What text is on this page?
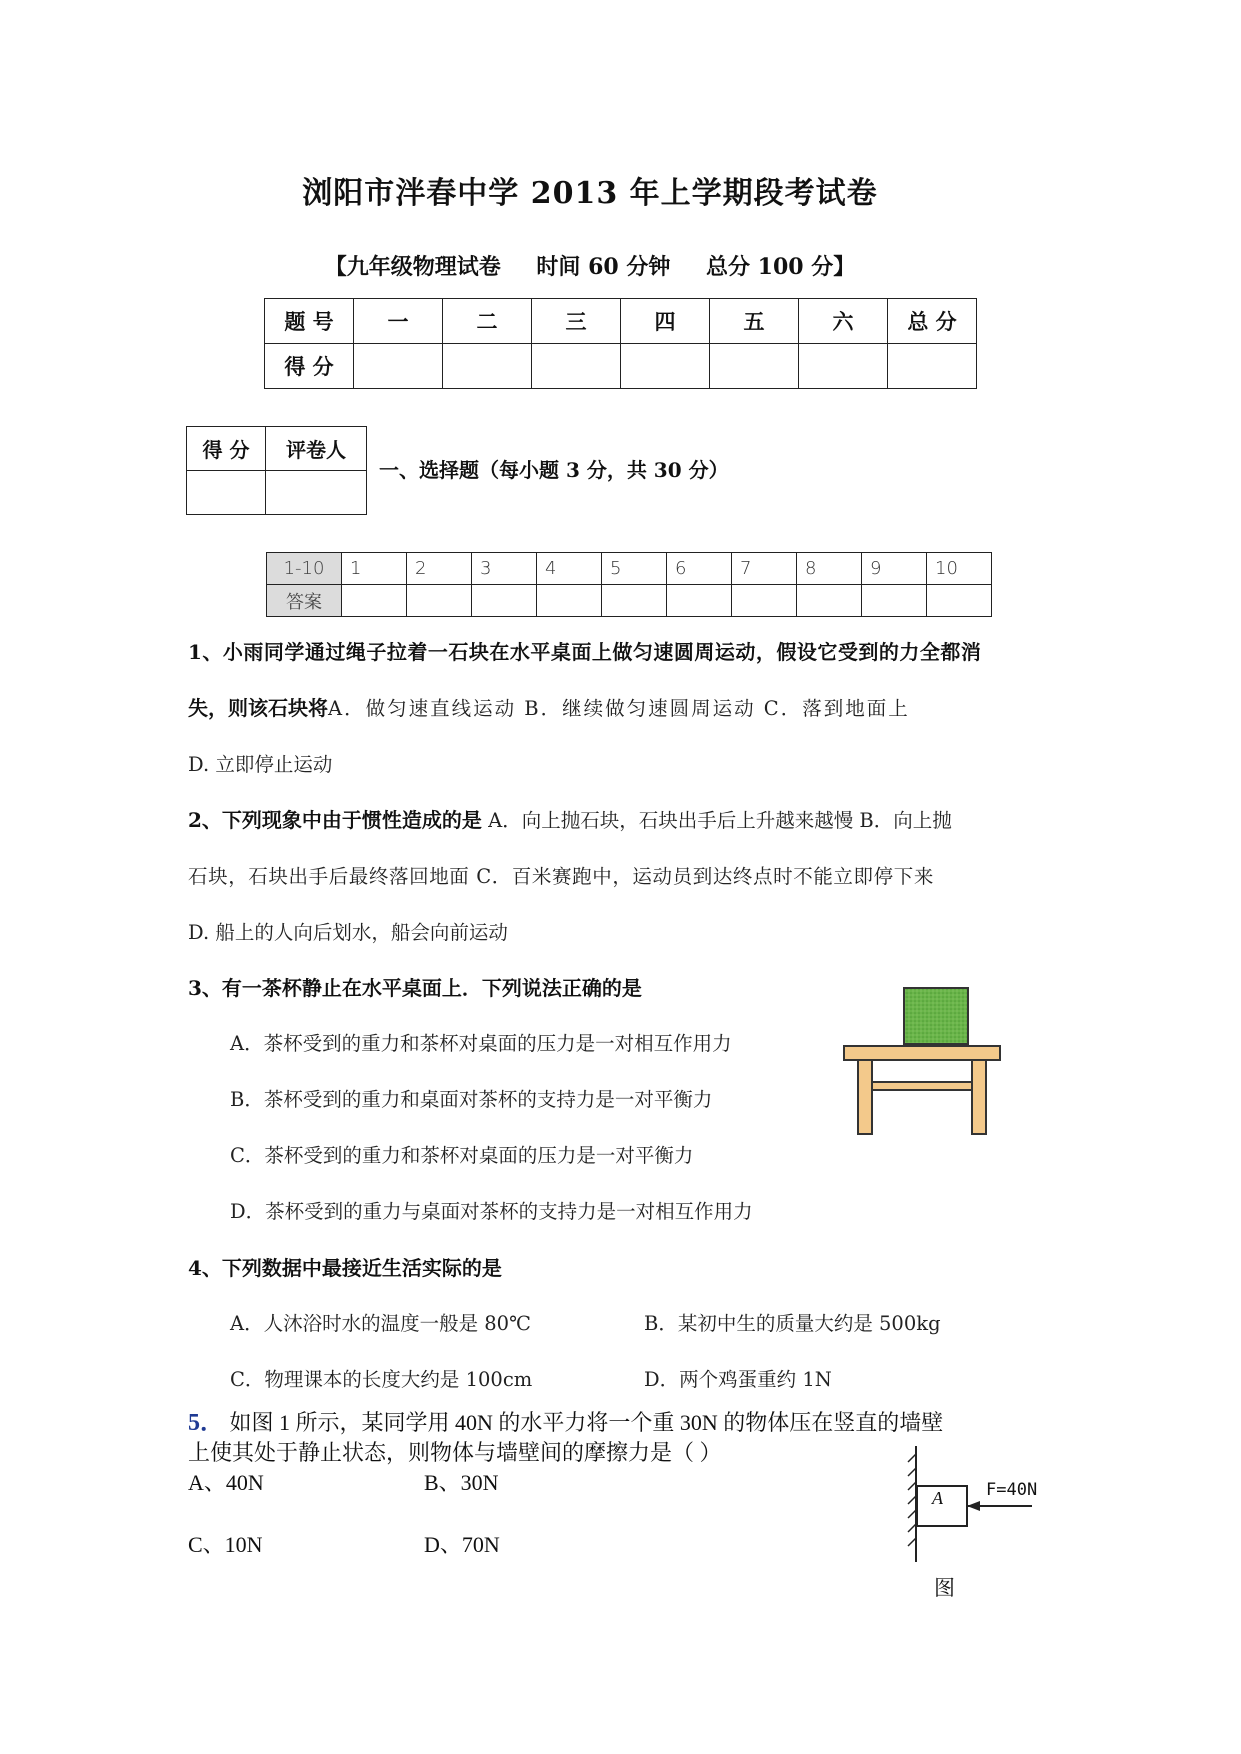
浏阳市泮春中学 2013 年上学期段考试卷
【九年级物理试卷 时间 60 分钟 总分 100 分】
题 号	一	二	三	四	五	六	总 分
得 分							
得 分	评卷人

一、选择题（每小题 3 分，共 30 分）
1-10	1	2	3	4	5	6	7	8	9	10
答案										
1、小雨同学通过绳子拉着一石块在水平桌面上做匀速圆周运动，假设它受到的力全都消
失，则该石块将A．做匀速直线运动 B．继续做匀速圆周运动 C．落到地面上
D. 立即停止运动
2、下列现象中由于惯性造成的是 A．向上抛石块，石块出手后上升越来越慢 B．向上抛
石块，石块出手后最终落回地面 C．百米赛跑中，运动员到达终点时不能立即停下来
D. 船上的人向后划水，船会向前运动
3、有一茶杯静止在水平桌面上．下列说法正确的是
A．茶杯受到的重力和茶杯对桌面的压力是一对相互作用力
B．茶杯受到的重力和桌面对茶杯的支持力是一对平衡力
C．茶杯受到的重力和茶杯对桌面的压力是一对平衡力
D．茶杯受到的重力与桌面对茶杯的支持力是一对相互作用力
4、下列数据中最接近生活实际的是
A．人沐浴时水的温度一般是 80℃	B．某初中生的质量大约是 500kg
C．物理课本的长度大约是 100cm	D．两个鸡蛋重约 1N
5． 如图 1 所示，某同学用 40N 的水平力将一个重 30N 的物体压在竖直的墙壁
上使其处于静止状态，则物体与墙壁间的摩擦力是（ ）
A、40N	B、30N
C、10N	D、70N
A	F=40N
图
